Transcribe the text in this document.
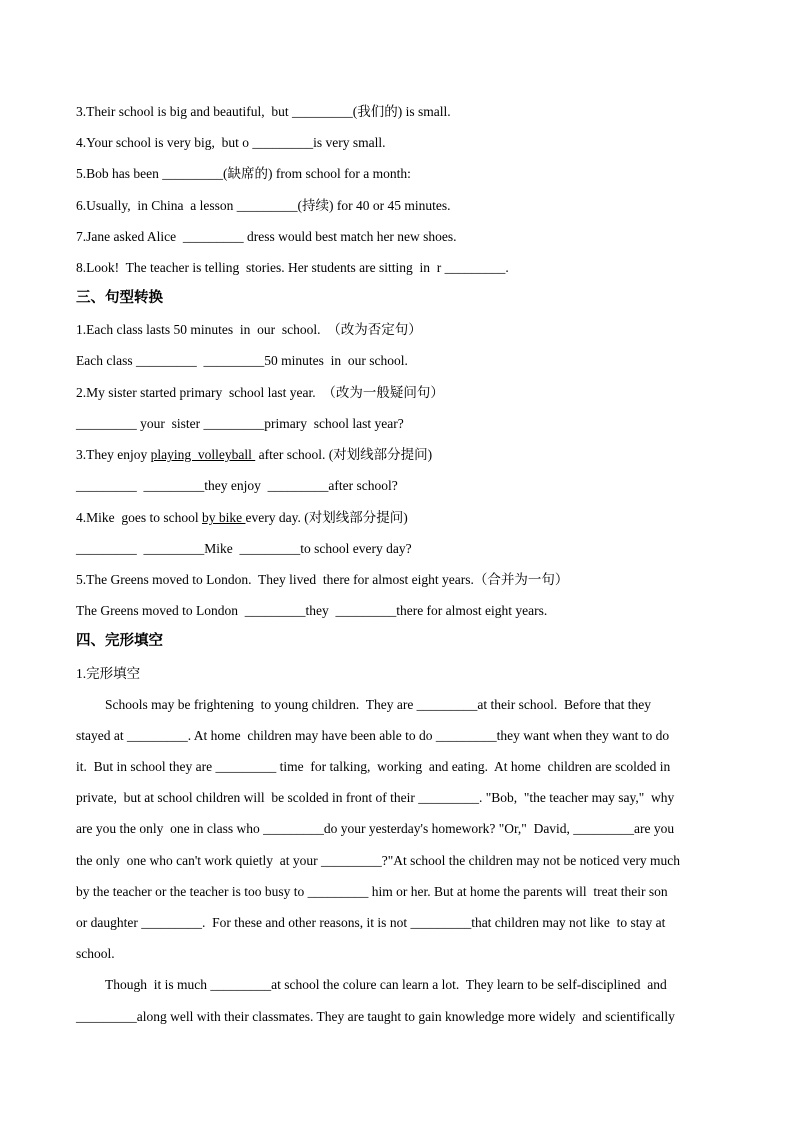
3.Their school is big and beautiful,  but _________(我们的) is small.
4.Your school is very big,  but o _________is very small.
5.Bob has been _________(缺席的) from school for a month:
6.Usually,  in China  a lesson _________(持续) for 40 or 45 minutes.
7.Jane asked Alice  _________ dress would best match her new shoes.
8.Look!  The teacher is telling  stories. Her students are sitting  in  r _________.
三、句型转换
1.Each class lasts 50 minutes  in  our  school.  （改为否定句）
Each class _________  _________50 minutes  in  our school.
2.My sister started primary  school last year.  （改为一般疑问句）
_________ your  sister _________primary  school last year?
3.They enjoy playing  volleyball  after school. (对划线部分提问)
_________  _________they enjoy  _________after school?
4.Mike  goes to school by bike every day. (对划线部分提问)
_________  _________Mike  _________to school every day?
5.The Greens moved to London.  They lived  there for almost eight years.（合并为一句）
The Greens moved to London  _________they  _________there for almost eight years.
四、完形填空
1.完形填空
Schools may be frightening  to young children.  They are _________at their school.  Before that they
stayed at _________. At home  children may have been able to do _________they want when they want to do
it.  But in school they are _________ time  for talking,  working  and eating.  At home  children are scolded in
private,  but at school children will  be scolded in front of their _________. "Bob,  "the teacher may say,"  why
are you the only  one in class who _________do your yesterday's homework? "Or,"  David, _________are you
the only  one who can't work quietly  at your _________?"At school the children may not be noticed very much
by the teacher or the teacher is too busy to _________ him or her. But at home the parents will  treat their son
or daughter _________.  For these and other reasons, it is not _________that children may not like  to stay at
school.
Though  it is much _________at school the colure can learn a lot.  They learn to be self-disciplined  and
_________along well with their classmates. They are taught to gain knowledge more widely  and scientifically
